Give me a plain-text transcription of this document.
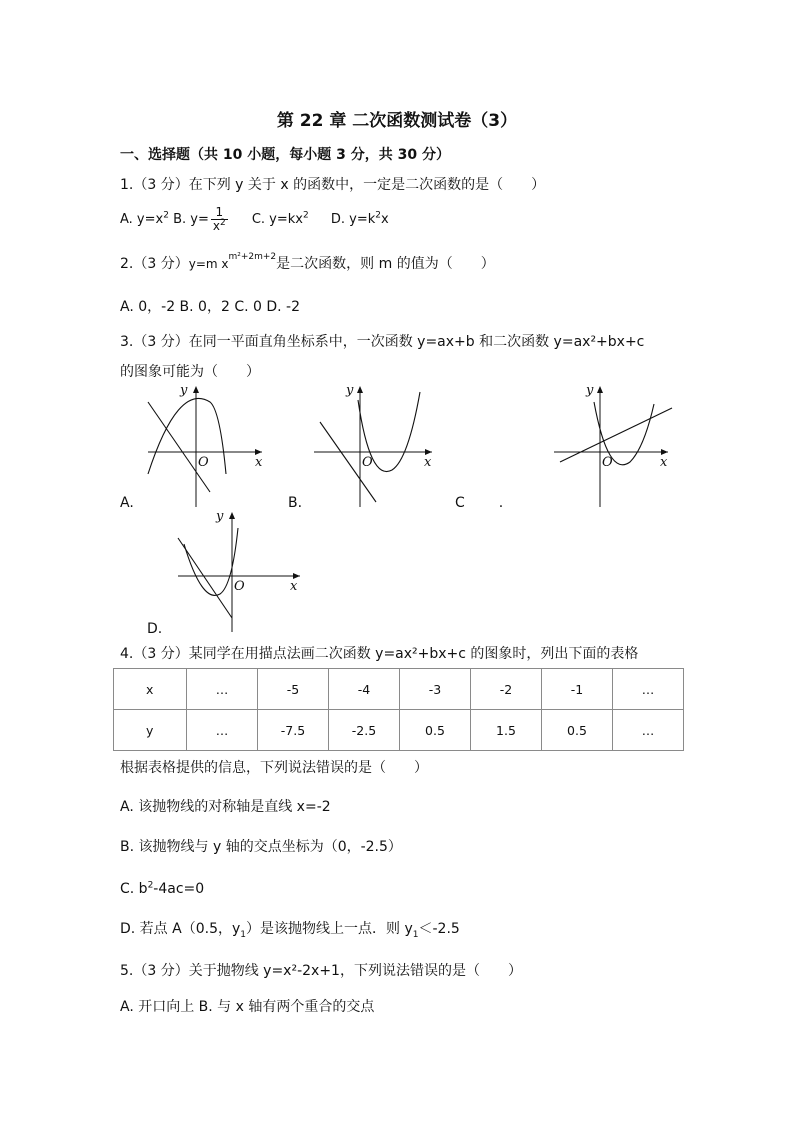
第 22 章 二次函数测试卷（3）
一、选择题（共 10 小题，每小题 3 分，共 30 分）
1.（3 分）在下列 y 关于 x 的函数中，一定是二次函数的是（　　）
A. $y=x^2$ B. $y= \frac{1}{x^2} C$. $y=kx^2$ D. $y=k^2x$
2.（3 分）y=m $x^{m^2+2m+2}$是二次函数，则 m 的值为（　　）
A. 0，-2 B. 0，2 C. 0 D. -2
3.（3 分）在同一平面直角坐标系中，一次函数 y=ax+b 和二次函数 y=ax²+bx+c
的图象可能为（　　）
x
y
O
A.
x
y
O
B.
x
y
O
C .
x
y
O
D.
4.（3 分）某同学在用描点法画二次函数 y=ax²+bx+c 的图象时，列出下面的表格
x	…	-5	-4	-3	-2	-1	…
y	…	-7.5	-2.5	0.5	1.5	0.5	…
根据表格提供的信息，下列说法错误的是（　　）
A. 该抛物线的对称轴是直线 x=-2
B. 该抛物线与 y 轴的交点坐标为（0，-2.5）
C. $b^2-4ac=0$
D. 若点 A（0.5，$y_1$）是该抛物线上一点．则 $y_1<-2.5$
5.（3 分）关于抛物线 y=x²-2x+1，下列说法错误的是（　　）
A. 开口向上 B. 与 x 轴有两个重合的交点
